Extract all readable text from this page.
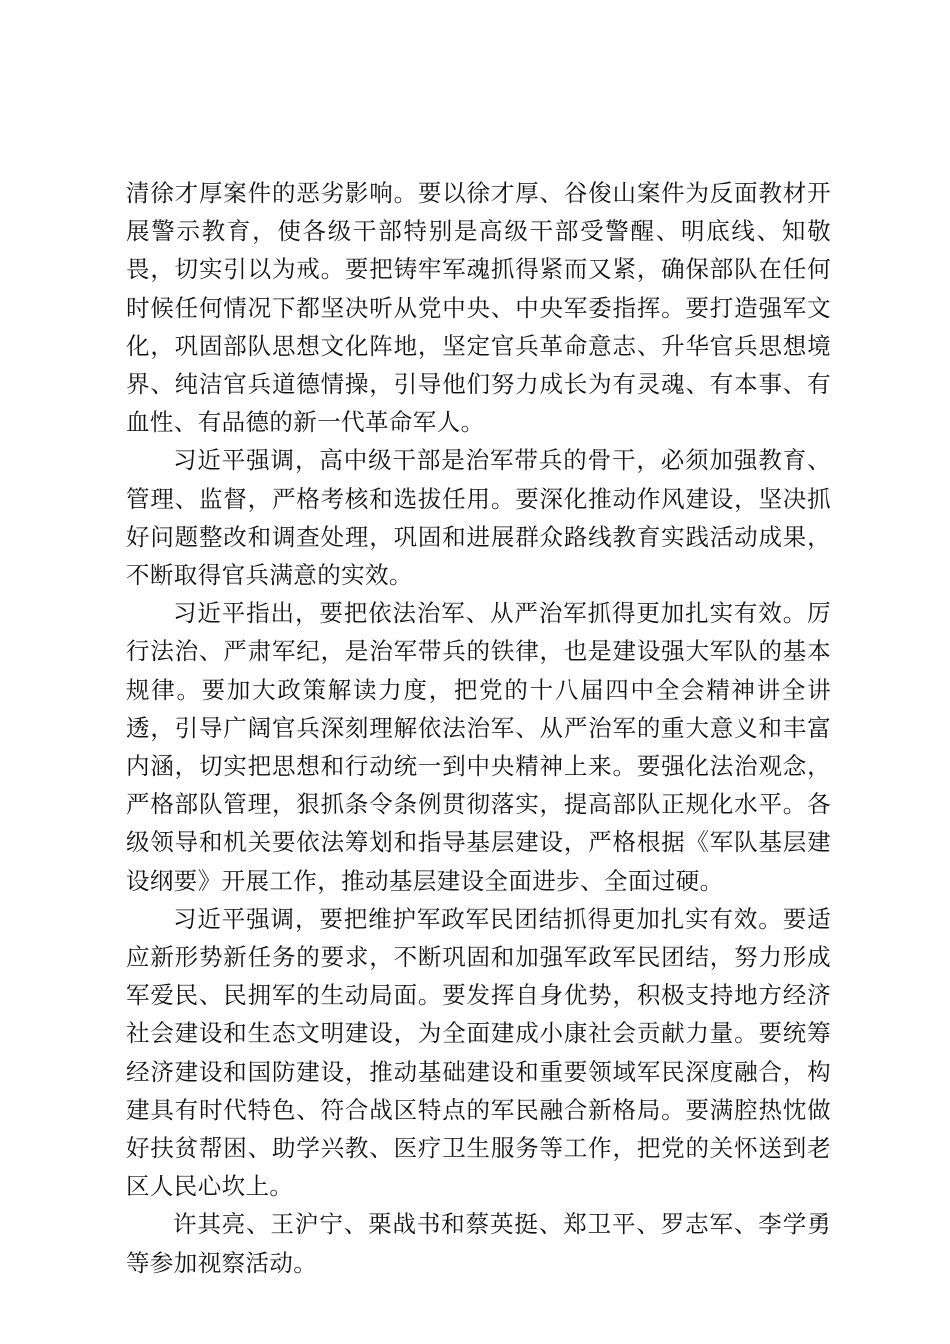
清徐才厚案件的恶劣影响。要以徐才厚、谷俊山案件为反面教材开展警示教育，使各级干部特别是高级干部受警醒、明底线、知敬畏，切实引以为戒。要把铸牢军魂抓得紧而又紧，确保部队在任何时候任何情况下都坚决听从党中央、中央军委指挥。要打造强军文化，巩固部队思想文化阵地，坚定官兵革命意志、升华官兵思想境界、纯洁官兵道德情操，引导他们努力成长为有灵魂、有本事、有血性、有品德的新一代革命军人。

习近平强调，高中级干部是治军带兵的骨干，必须加强教育、管理、监督，严格考核和选拔任用。要深化推动作风建设，坚决抓好问题整改和调查处理，巩固和进展群众路线教育实践活动成果，不断取得官兵满意的实效。

习近平指出，要把依法治军、从严治军抓得更加扎实有效。厉行法治、严肃军纪，是治军带兵的铁律，也是建设强大军队的基本规律。要加大政策解读力度，把党的十八届四中全会精神讲全讲透，引导广阔官兵深刻理解依法治军、从严治军的重大意义和丰富内涵，切实把思想和行动统一到中央精神上来。要强化法治观念，严格部队管理，狠抓条令条例贯彻落实，提高部队正规化水平。各级领导和机关要依法筹划和指导基层建设，严格根据《军队基层建设纲要》开展工作，推动基层建设全面进步、全面过硬。

习近平强调，要把维护军政军民团结抓得更加扎实有效。要适应新形势新任务的要求，不断巩固和加强军政军民团结，努力形成军爱民、民拥军的生动局面。要发挥自身优势，积极支持地方经济社会建设和生态文明建设，为全面建成小康社会贡献力量。要统筹经济建设和国防建设，推动基础建设和重要领域军民深度融合，构建具有时代特色、符合战区特点的军民融合新格局。要满腔热忱做好扶贫帮困、助学兴教、医疗卫生服务等工作，把党的关怀送到老区人民心坎上。

许其亮、王沪宁、栗战书和蔡英挺、郑卫平、罗志军、李学勇等参加视察活动。
